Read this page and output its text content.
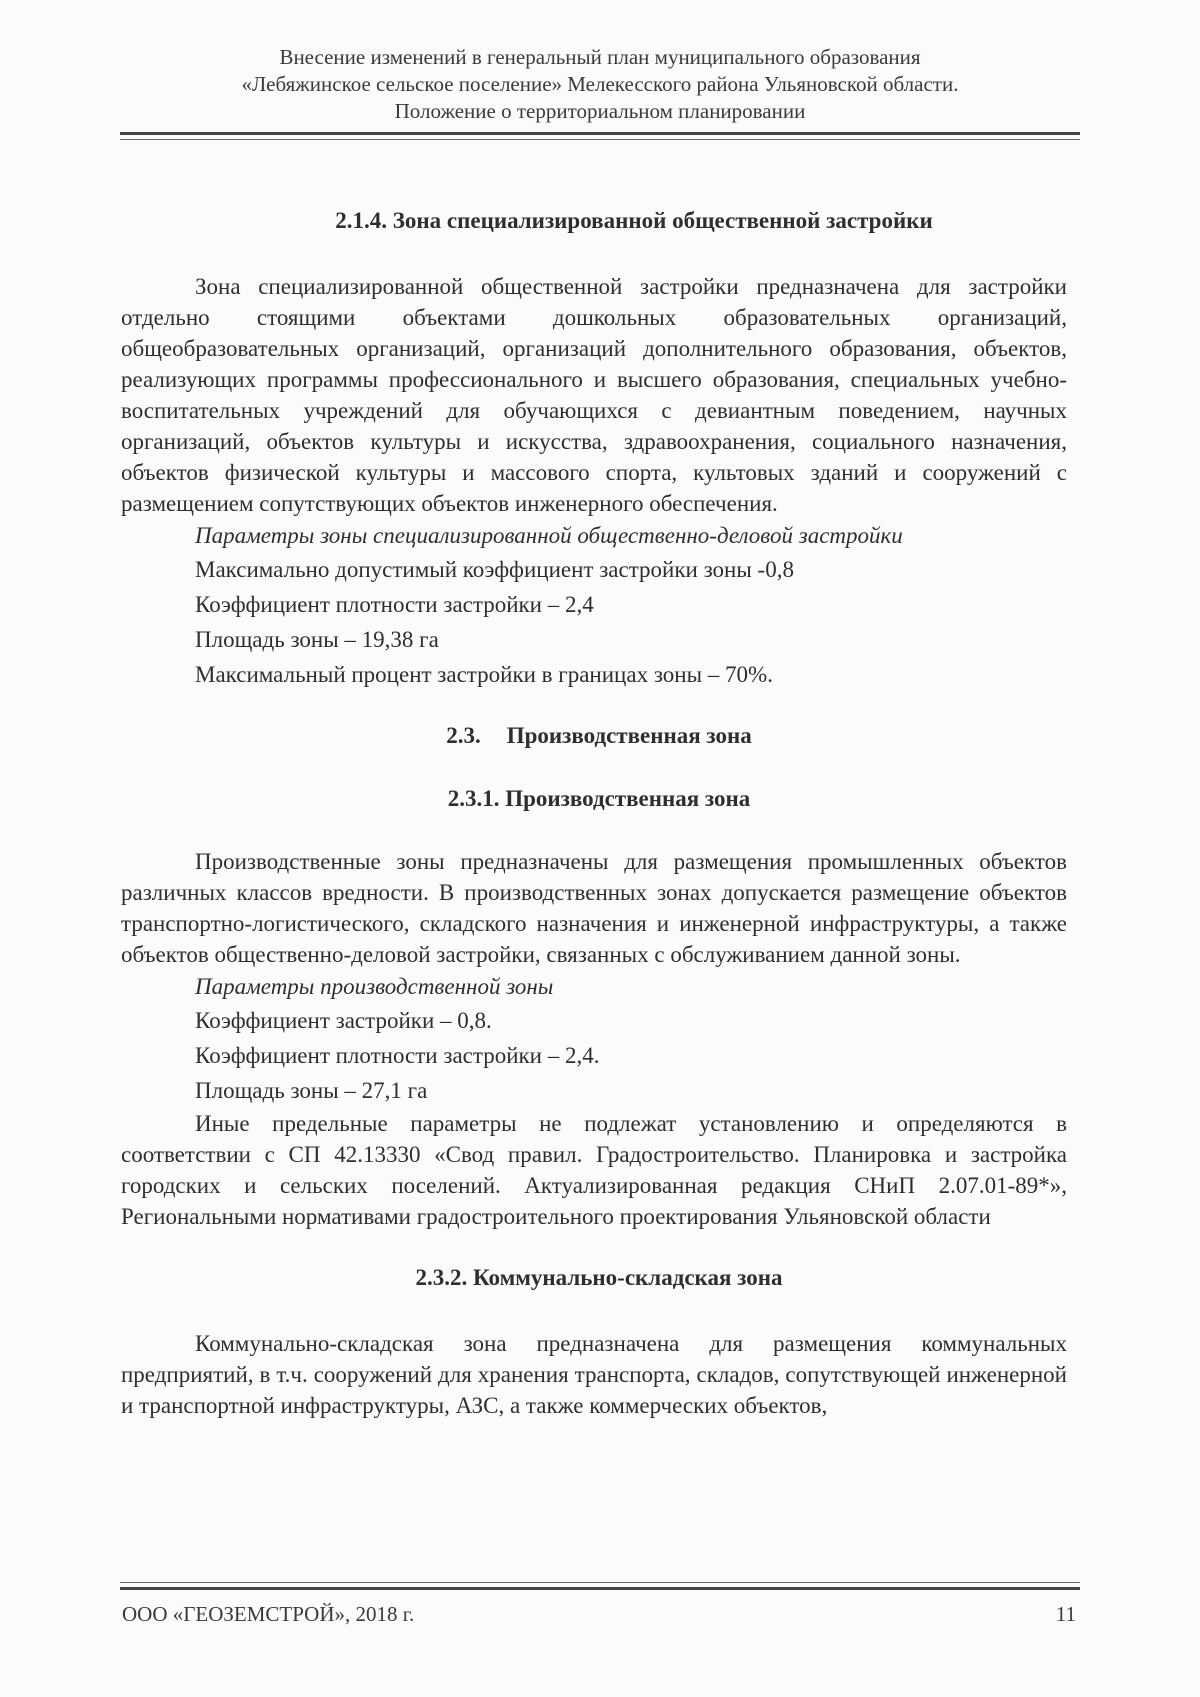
Внесение изменений в генеральный план муниципального образования
«Лебяжинское сельское поселение» Мелекесского района Ульяновской области.
Положение о территориальном планировании
2.1.4. Зона специализированной общественной застройки

Зона специализированной общественной застройки предназначена для застройки отдельно стоящими объектами дошкольных образовательных организаций, общеобразовательных организаций, организаций дополнительного образования, объектов, реализующих программы профессионального и высшего образования, специальных учебно-воспитательных учреждений для обучающихся с девиантным поведением, научных организаций, объектов культуры и искусства, здравоохранения, социального назначения, объектов физической культуры и массового спорта, культовых зданий и сооружений с размещением сопутствующих объектов инженерного обеспечения.

Параметры зоны специализированной общественно-деловой застройки

Максимально допустимый коэффициент застройки зоны -0,8

Коэффициент плотности застройки – 2,4

Площадь зоны – 19,38 га

Максимальный процент застройки в границах зоны – 70%.

2.3. Производственная зона
2.3.1. Производственная зона

Производственные зоны предназначены для размещения промышленных объектов различных классов вредности. В производственных зонах допускается размещение объектов транспортно-логистического, складского назначения и инженерной инфраструктуры, а также объектов общественно-деловой застройки, связанных с обслуживанием данной зоны.

Параметры производственной зоны

Коэффициент застройки – 0,8.

Коэффициент плотности застройки – 2,4.

Площадь зоны – 27,1 га

Иные предельные параметры не подлежат установлению и определяются в соответствии с СП 42.13330 «Свод правил. Градостроительство. Планировка и застройка городских и сельских поселений. Актуализированная редакция СНиП 2.07.01-89*», Региональными нормативами градостроительного проектирования Ульяновской области

2.3.2. Коммунально-складская зона

Коммунально-складская зона предназначена для размещения коммунальных предприятий, в т.ч. сооружений для хранения транспорта, складов, сопутствующей инженерной и транспортной инфраструктуры, АЗС, а также коммерческих объектов,

ООО «ГЕОЗЕМСТРОЙ», 2018 г.	11
